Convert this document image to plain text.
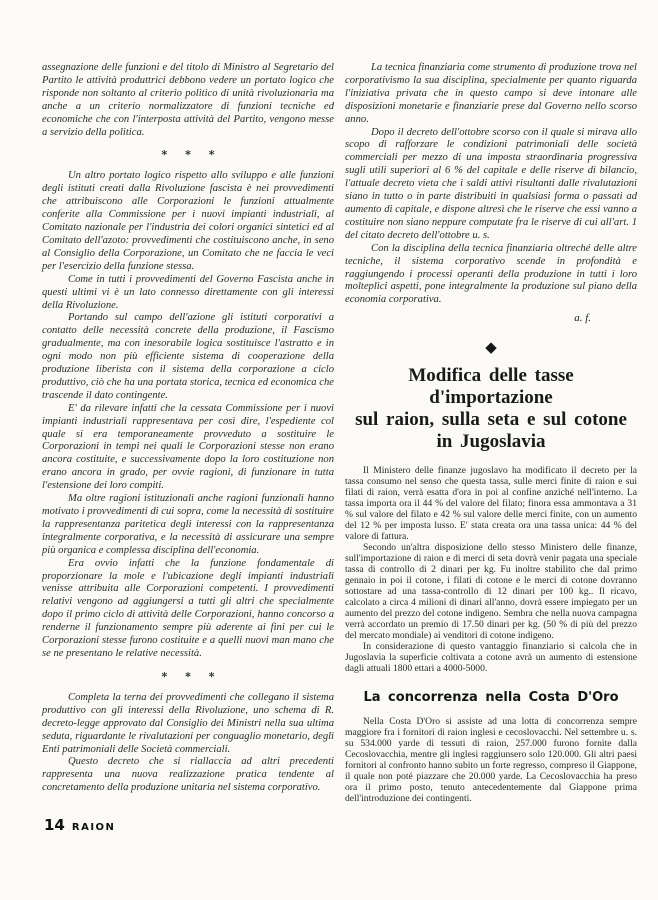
assegnazione delle funzioni e del titolo di Ministro al Segretario del Partito le attività produttrici debbono vedere un portato logico che risponde non soltanto al criterio politico di unità rivoluzionaria ma anche a un criterio normalizzatore di funzioni tecniche ed economiche che con l'interposta attività del Partito, vengono messe a servizio della politica.

* * *

Un altro portato logico rispetto allo sviluppo e alle funzioni degli istituti creati dalla Rivoluzione fascista è nei provvedimenti che attribuiscono alle Corporazioni le funzioni attualmente conferite alla Commissione per i nuovi impianti industriali, al Comitato nazionale per l'industria dei colori organici sintetici ed al Comitato dell'azoto: provvedimenti che costituiscono anche, in seno al Consiglio della Corporazione, un Comitato che ne faccia le veci per l'esercizio della funzione stessa.

Come in tutti i provvedimenti del Governo Fascista anche in questi ultimi vi è un lato connesso direttamente con gli interessi della Rivoluzione.

Portando sul campo dell'azione gli istituti corporativi a contatto delle necessità concrete della produzione, il Fascismo gradualmente, ma con inesorabile logica sostituisce l'astratto e in ogni modo non più efficiente sistema di cooperazione della produzione liberista con il sistema della corporazione a ciclo produttivo, ciò che ha una portata storica, tecnica ed economica che trascende il dato contingente.

E' da rilevare infatti che la cessata Commissione per i nuovi impianti industriali rappresentava per così dire, l'espediente col quale si era temporaneamente provveduto a sostituire le Corporazioni in tempi nei quali le Corporazioni stesse non erano ancora costituite, e successivamente dopo la loro costituzione non erano ancora in grado, per ovvie ragioni, di funzionare in tutta l'estensione dei loro compiti.

Ma oltre ragioni istituzionali anche ragioni funzionali hanno motivato i provvedimenti di cui sopra, come la necessità di sostituire la rappresentanza paritetica degli interessi con la rappresentanza integralmente corporativa, e la necessità di assicurare una sempre più organica e complessa disciplina dell'economia.

Era ovvio infatti che la funzione fondamentale di proporzionare la mole e l'ubicazione degli impianti industriali venisse attribuita alle Corporazioni competenti. I provvedimenti relativi vengono ad aggiungersi a tutti gli altri che specialmente dopo il primo ciclo di attività delle Corporazioni, hanno concorso a renderne il funzionamento sempre più aderente ai fini per cui le Corporazioni stesse furono costituite e a quelli nuovi man mano che se ne presentano le relative necessità.

* * *

Completa la terna dei provvedimenti che collegano il sistema produttivo con gli interessi della Rivoluzione, uno schema di R. decreto-legge approvato dal Consiglio dei Ministri nella sua ultima seduta, riguardante le rivalutazioni per conguaglio monetario, degli Enti patrimoniali delle Società commerciali.

Questo decreto che si riallaccia ad altri precedenti rappresenta una nuova realizzazione pratica tendente al concretamento della produzione unitaria nel sistema corporativo.

La tecnica finanziaria come strumento di produzione trova nel corporativismo la sua disciplina, specialmente per quanto riguarda l'iniziativa privata che in questo campo si deve intonare alle disposizioni monetarie e finanziarie prese dal Governo nello scorso anno.

Dopo il decreto dell'ottobre scorso con il quale si mirava allo scopo di rafforzare le condizioni patrimoniali delle società commerciali per mezzo di una imposta straordinaria progressiva sugli utili superiori al 6 % del capitale e delle riserve di bilancio, l'attuale decreto vieta che i saldi attivi risultanti dalle rivalutazioni siano in tutto o in parte distribuiti in qualsiasi forma o passati ad aumento di capitale, e dispone altresì che le riserve che essi vanno a costituire non siano neppure computate fra le riserve di cui all'art. 1 del citato decreto dell'ottobre u. s.

Con la disciplina della tecnica finanziaria oltreché delle altre tecniche, il sistema corporativo scende in profondità e raggiungendo i processi operanti della produzione in tutti i loro molteplici aspetti, pone integralmente la produzione sul piano della economia corporativa.

a. f.
◆
Modifica delle tasse d'importazione
sul raion, sulla seta e sul cotone
in Jugoslavia

Il Ministero delle finanze jugoslavo ha modificato il decreto per la tassa consumo nel senso che questa tassa, sulle merci finite di raion e sui filati di raion, verrà esatta d'ora in poi al confine anziché nell'interno. La tassa importa ora il 44 % del valore del filato; finora essa ammontava a 31 % sul valore del filato e 42 % sul valore delle merci finite, con un aumento del 12 % per imposta lusso. E' stata creata ora una tassa unica: 44 % del valore di fattura.

Secondo un'altra disposizione dello stesso Ministero delle finanze, sull'importazione di raion e di merci di seta dovrà venir pagata una speciale tassa di controllo di 2 dinari per kg. Fu inoltre stabilito che dal primo gennaio in poi il cotone, i filati di cotone e le merci di cotone dovranno sottostare ad una tassa-controllo di 12 dinari per 100 kg.. Il ricavo, calcolato a circa 4 milioni di dinari all'anno, dovrà essere impiegato per un aumento del prezzo del cotone indigeno. Sembra che nella nuova campagna verrà accordato un premio di 17.50 dinari per kg. (50 % di più del prezzo del mercato mondiale) ai venditori di cotone indigeno.

In considerazione di questo vantaggio finanziario si calcola che in Jugoslavia la superficie coltivata a cotone avrà un aumento di estensione dagli attuali 1800 ettari a 4000-5000.

La concorrenza nella Costa D'Oro

Nella Costa D'Oro si assiste ad una lotta di concorrenza sempre maggiore fra i fornitori di raion inglesi e cecoslovacchi. Nel settembre u. s. su 534.000 yarde di tessuti di raion, 257.000 furono fornite dalla Cecoslovacchia, mentre gli inglesi raggiunsero solo 120.000. Gli altri paesi fornitori al confronto hanno subito un forte regresso, compreso il Giappone, il quale non poté piazzare che 20.000 yarde. La Cecoslovacchia ha preso ora il primo posto, tenuto antecedentemente dal Giappone prima dell'introduzione dei contingenti.

14 RAION
